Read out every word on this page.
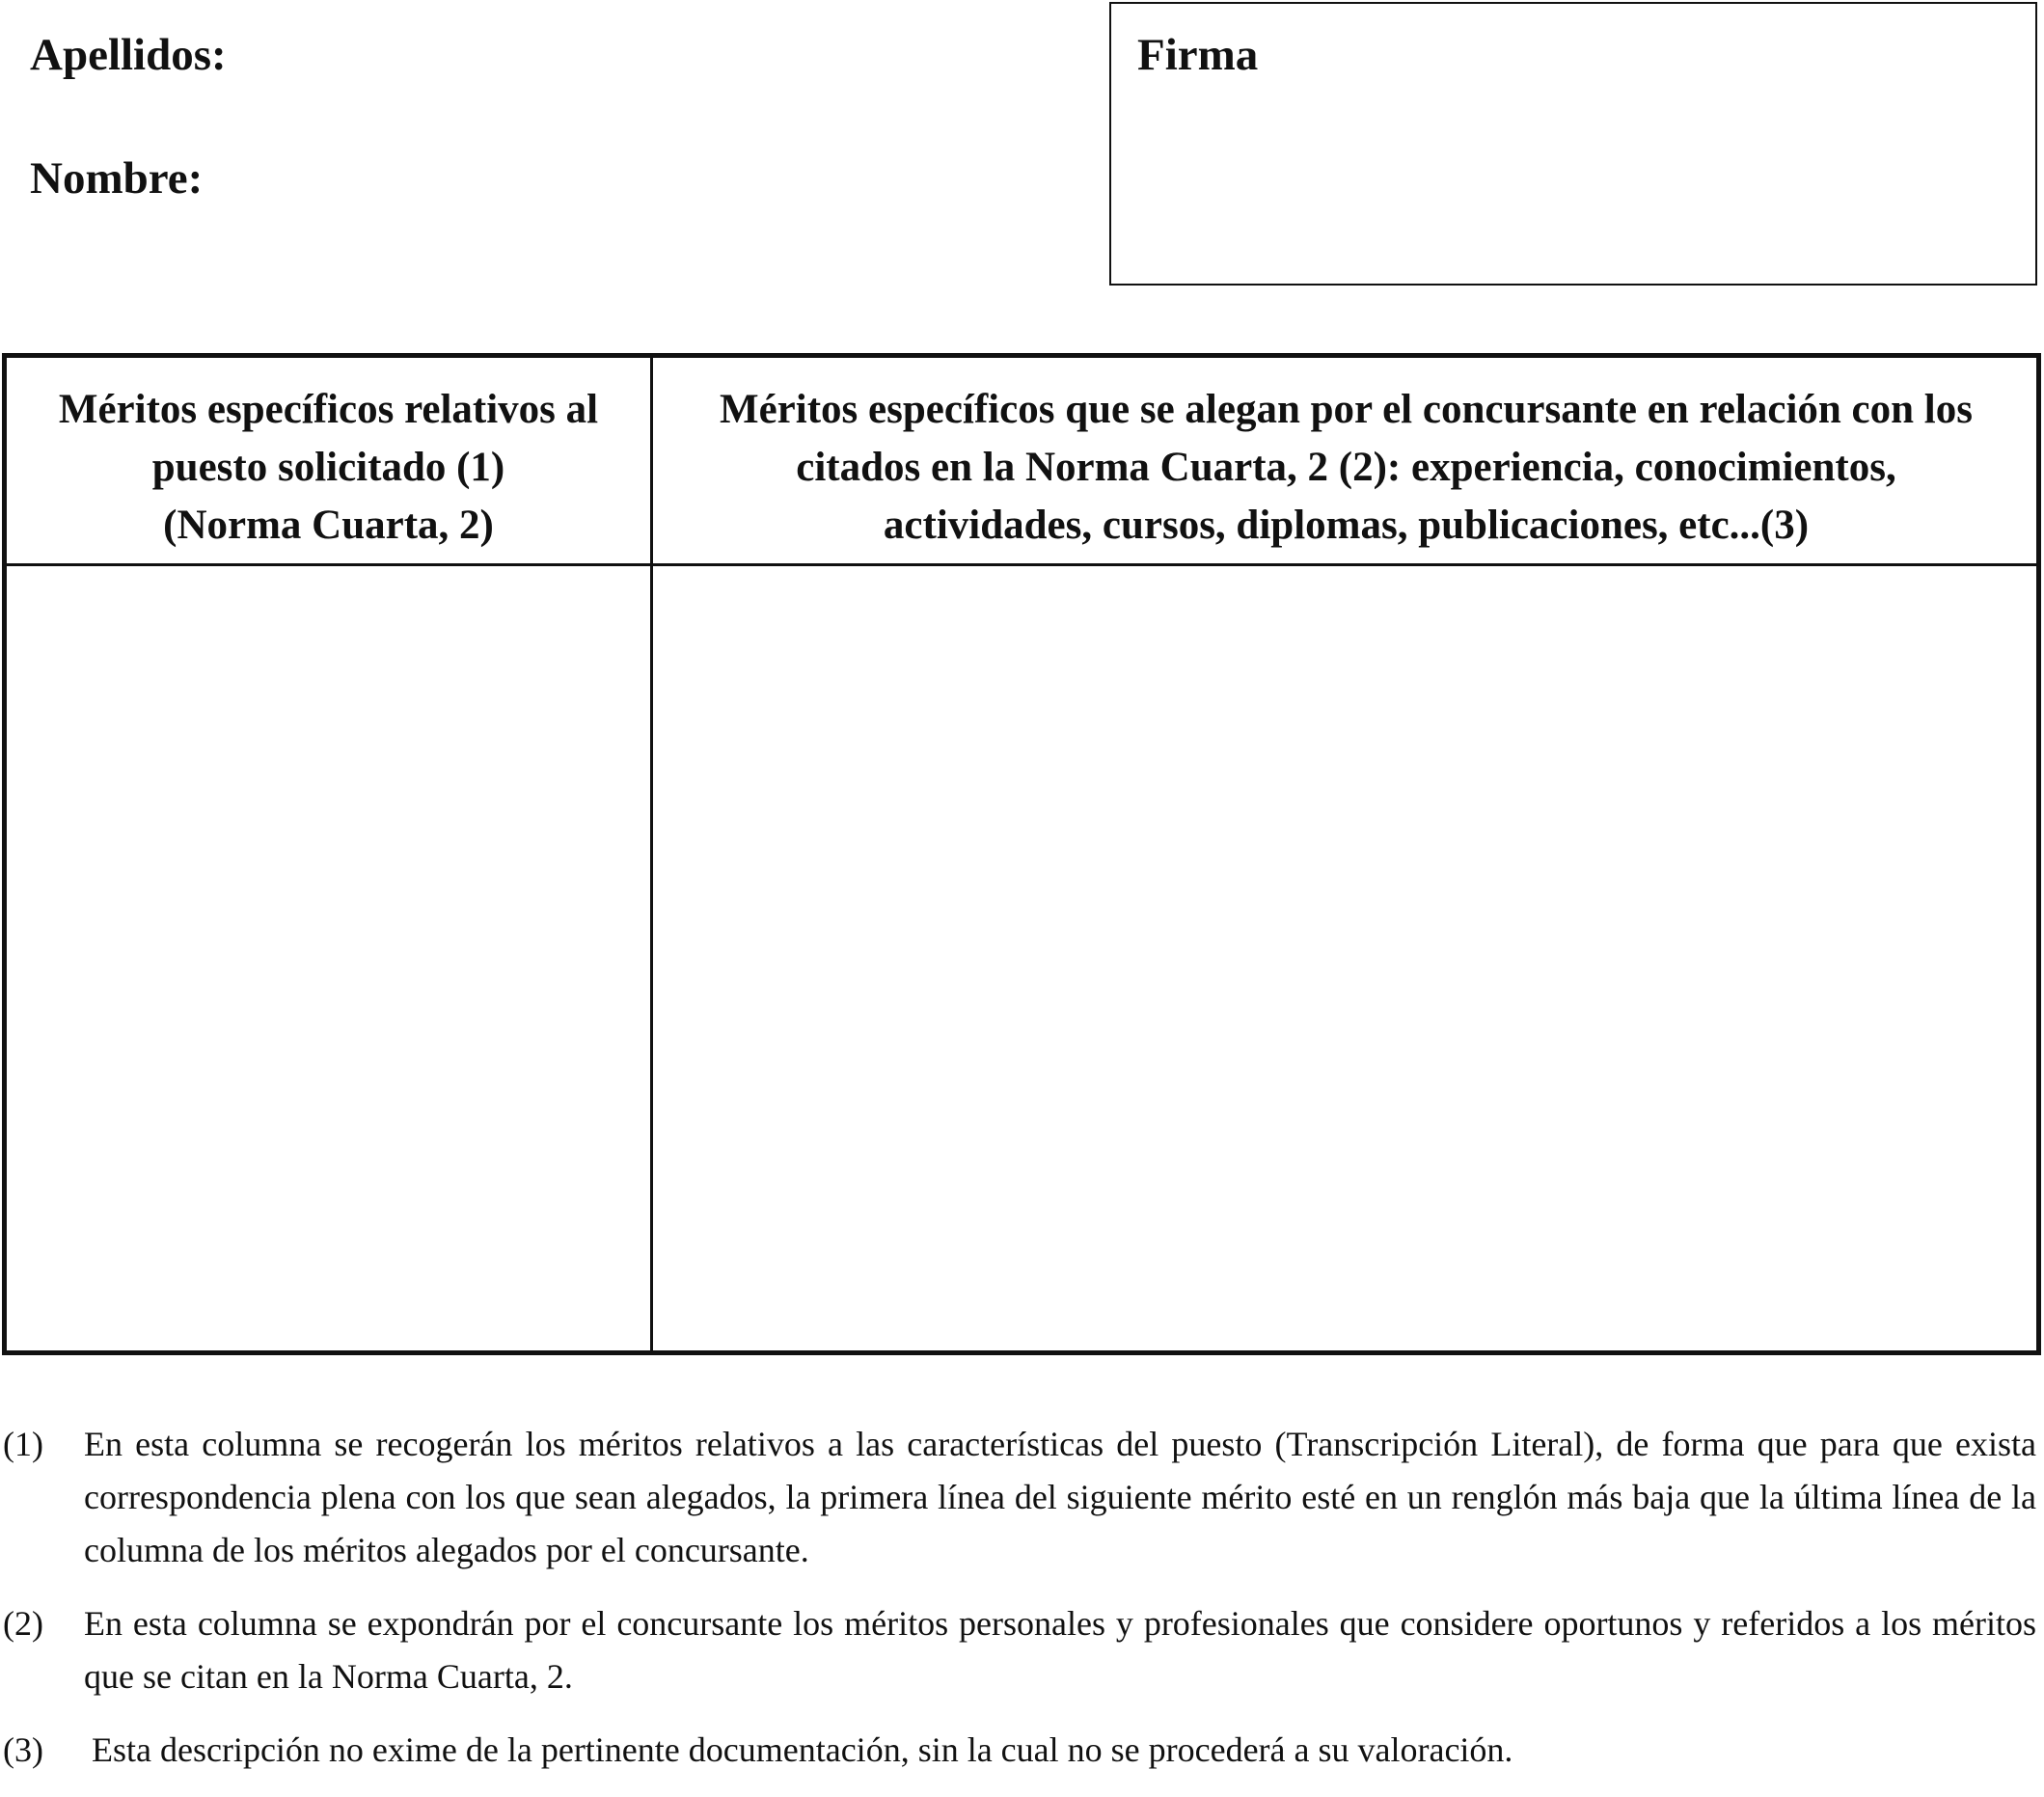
Apellidos:
Nombre:
Firma
Méritos específicos relativos al
puesto solicitado (1)
(Norma Cuarta, 2)
Méritos específicos que se alegan por el concursante en relación con los
citados en la Norma Cuarta, 2 (2): experiencia, conocimientos,
actividades, cursos, diplomas, publicaciones, etc...(3)
(1) En esta columna se recogerán los méritos relativos a las características del puesto (Transcripción Literal), de forma que para que exista correspondencia plena con los que sean alegados, la primera línea del siguiente mérito esté en un renglón más baja que la última línea de la columna de los méritos alegados por el concursante.
(2) En esta columna se expondrán por el concursante los méritos personales y profesionales que considere oportunos y referidos a los méritos que se citan en la Norma Cuarta, 2.
(3) Esta descripción no exime de la pertinente documentación, sin la cual no se procederá a su valoración.
